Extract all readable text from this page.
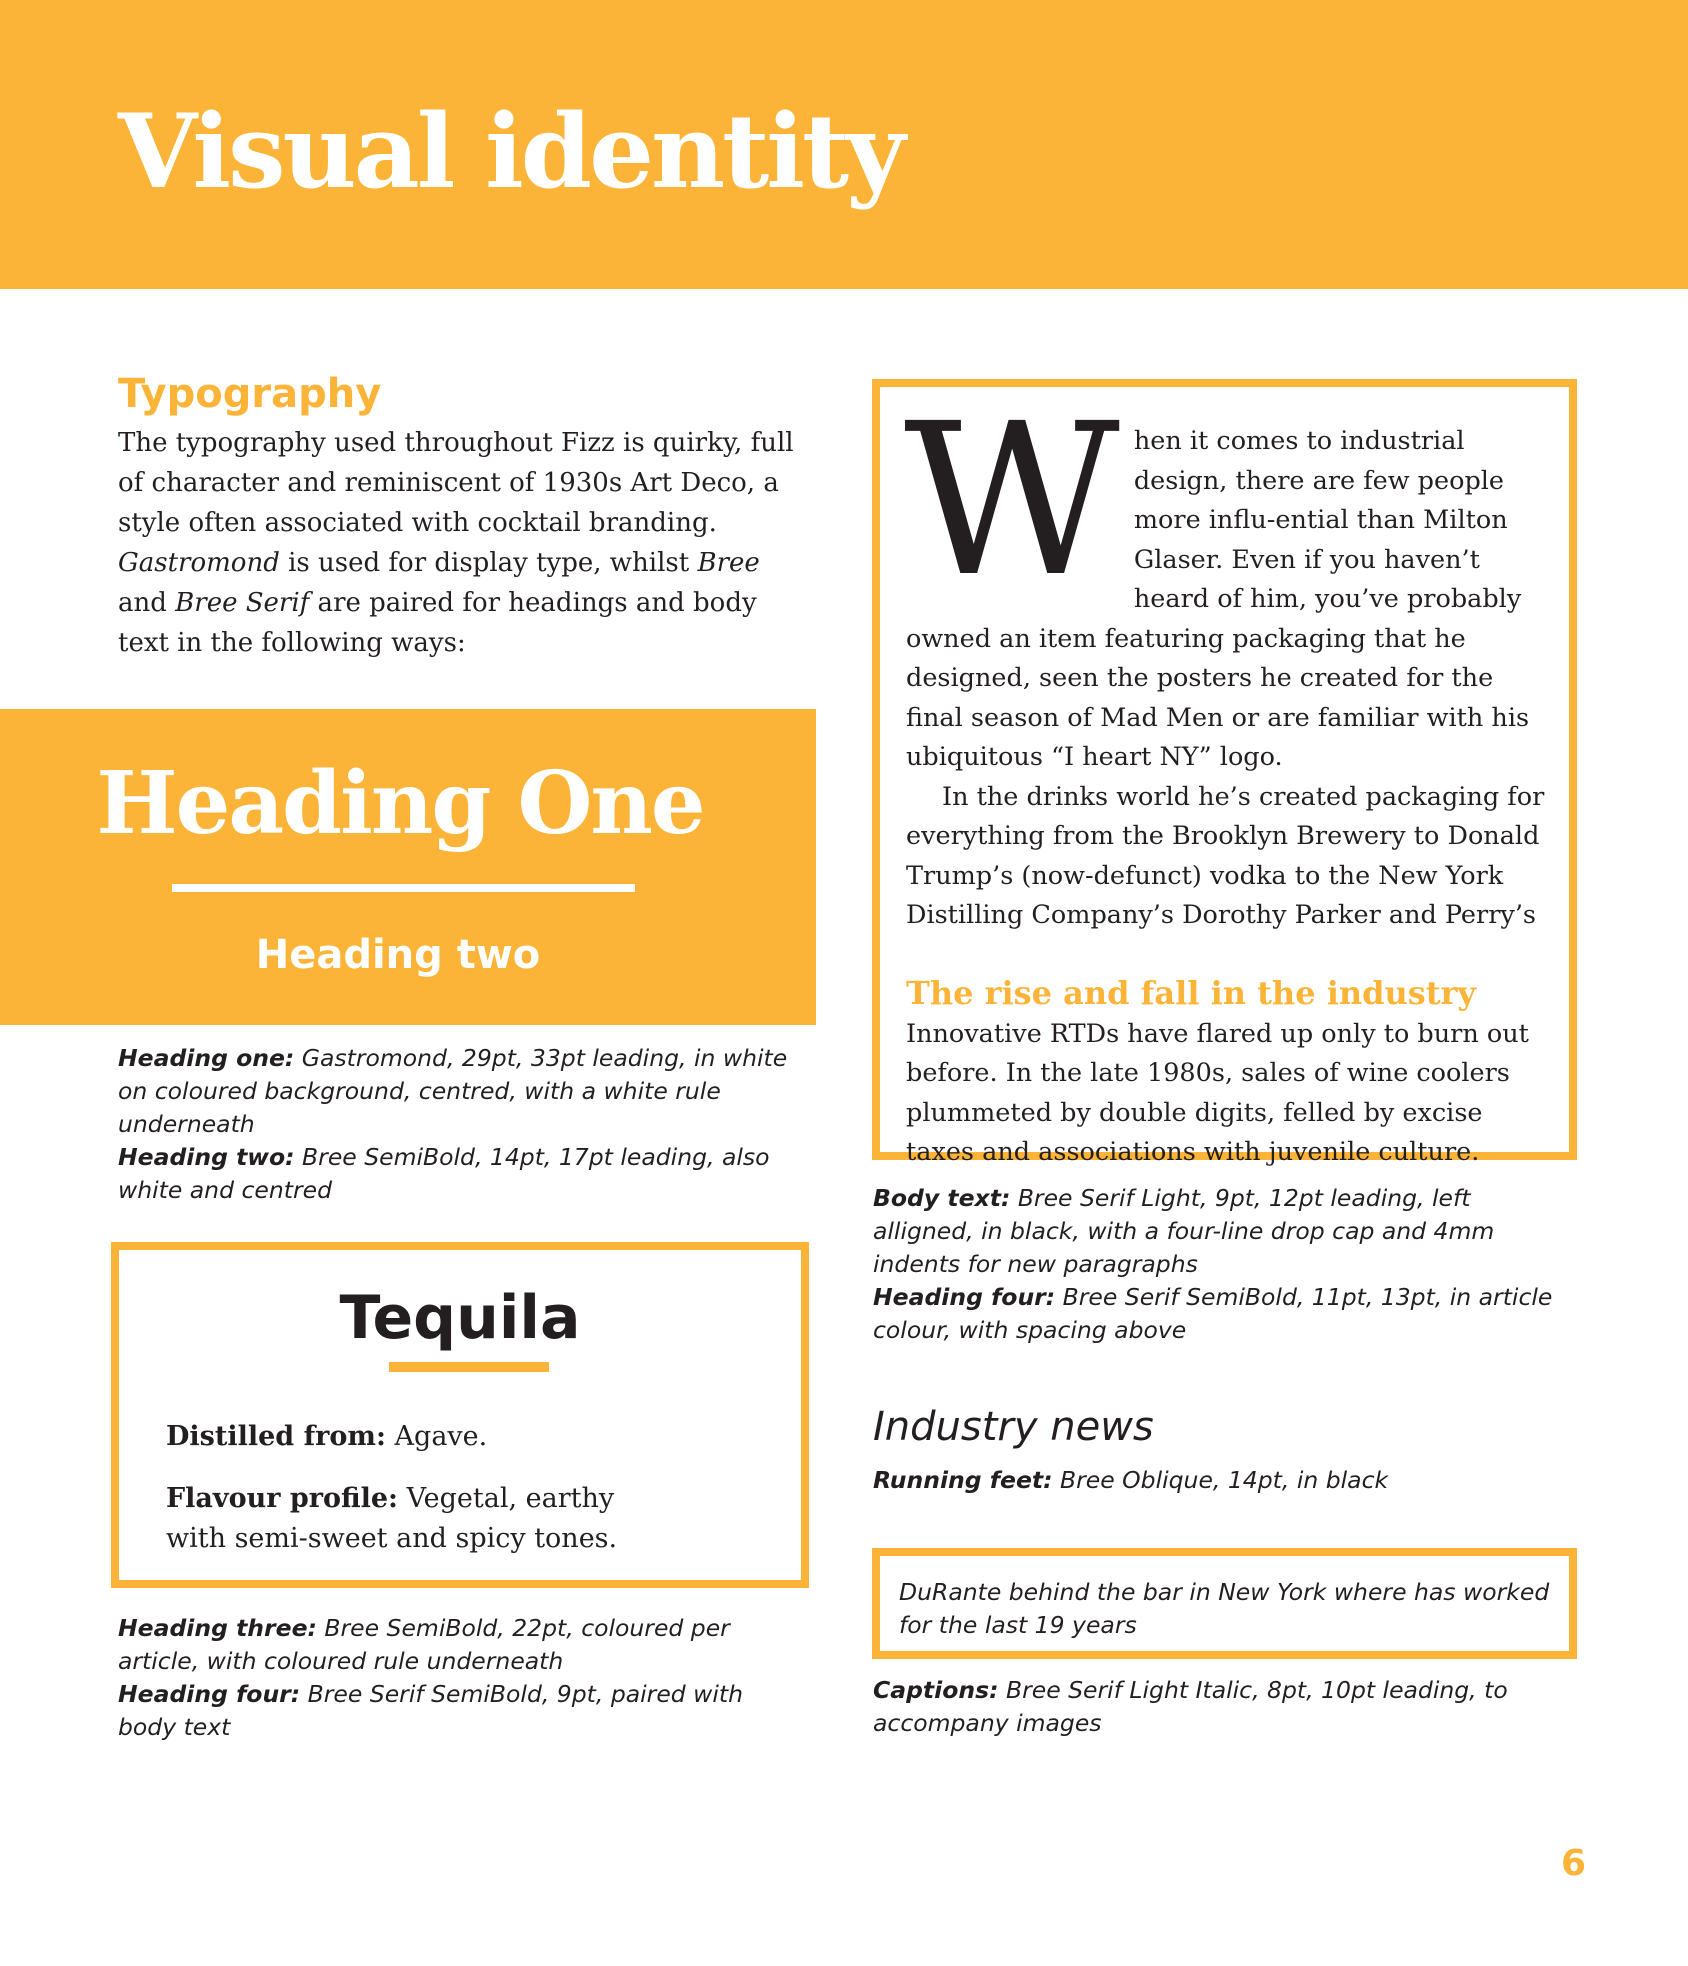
Visual identity
Typography

The typography used throughout Fizz is quirky, full of character and reminiscent of 1930s Art Deco, a style often associated with cocktail branding. Gastromond is used for display type, whilst Bree and Bree Serif are paired for headings and body text in the following ways:

Heading One
Heading two
Heading one: Gastromond, 29pt, 33pt leading, in white on coloured background, centred, with a white rule underneath
Heading two: Bree SemiBold, 14pt, 17pt leading, also white and centred
Tequila
Distilled from: Agave.
Flavour profile: Vegetal, earthy with semi-sweet and spicy tones.
Heading three: Bree SemiBold, 22pt, coloured per article, with coloured rule underneath
Heading four: Bree Serif SemiBold, 9pt, paired with body text
W hen it comes to industrial design, there are few people more influ-ential than Milton Glaser. Even if you haven’t heard of him, you’ve probably owned an item featuring packaging that he designed, seen the posters he created for the final season of Mad Men or are familiar with his ubiquitous “I heart NY” logo.

In the drinks world he’s created packaging for everything from the Brooklyn Brewery to Donald Trump’s (now-defunct) vodka to the New York Distilling Company’s Dorothy Parker and Perry’s

The rise and fall in the industry

Innovative RTDs have flared up only to burn out before. In the late 1980s, sales of wine coolers plummeted by double digits, felled by excise taxes and associations with juvenile culture.

Body text: Bree Serif Light, 9pt, 12pt leading, left alligned, in black, with a four-line drop cap and 4mm indents for new paragraphs
Heading four: Bree Serif SemiBold, 11pt, 13pt, in article colour, with spacing above
Industry news
Running feet: Bree Oblique, 14pt, in black
DuRante behind the bar in New York where has worked for the last 19 years
Captions: Bree Serif Light Italic, 8pt, 10pt leading, to accompany images
6
